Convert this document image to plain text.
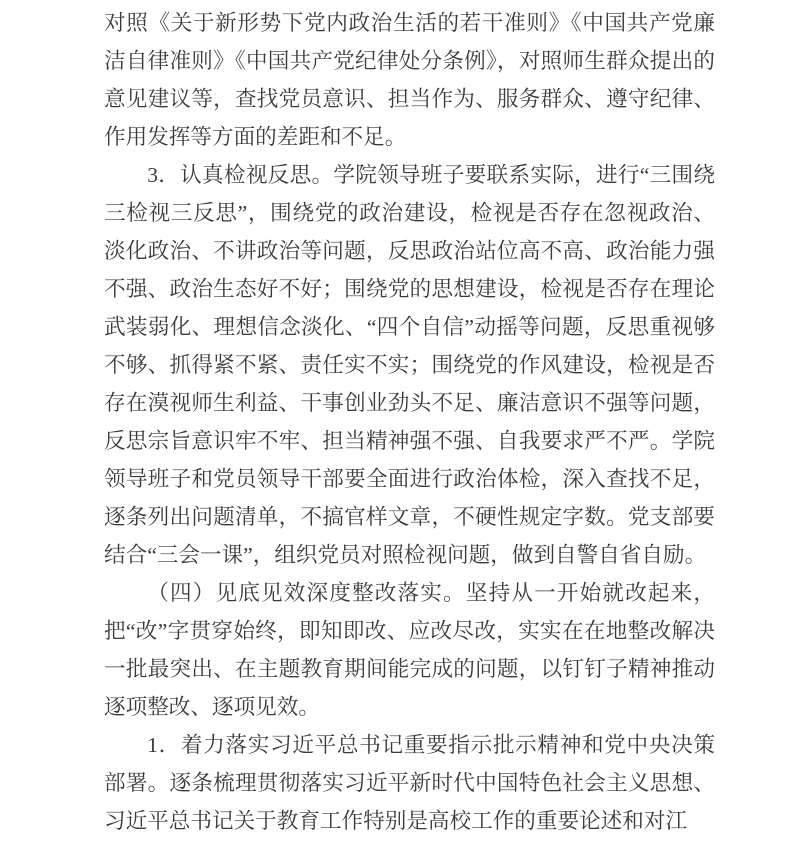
对照《关于新形势下党内政治生活的若干准则》《中国共产党廉洁自律准则》《中国共产党纪律处分条例》，对照师生群众提出的意见建议等，查找党员意识、担当作为、服务群众、遵守纪律、作用发挥等方面的差距和不足。

3．认真检视反思。学院领导班子要联系实际，进行“三围绕三检视三反思”，围绕党的政治建设，检视是否存在忽视政治、淡化政治、不讲政治等问题，反思政治站位高不高、政治能力强不强、政治生态好不好；围绕党的思想建设，检视是否存在理论武装弱化、理想信念淡化、“四个自信”动摇等问题，反思重视够不够、抓得紧不紧、责任实不实；围绕党的作风建设，检视是否存在漠视师生利益、干事创业劲头不足、廉洁意识不强等问题，反思宗旨意识牢不牢、担当精神强不强、自我要求严不严。学院领导班子和党员领导干部要全面进行政治体检，深入查找不足，逐条列出问题清单，不搞官样文章，不硬性规定字数。党支部要结合“三会一课”，组织党员对照检视问题，做到自警自省自励。

（四）见底见效深度整改落实。坚持从一开始就改起来，把“改”字贯穿始终，即知即改、应改尽改，实实在在地整改解决一批最突出、在主题教育期间能完成的问题，以钉钉子精神推动逐项整改、逐项见效。

1．着力落实习近平总书记重要指示批示精神和党中央决策部署。逐条梳理贯彻落实习近平新时代中国特色社会主义思想、习近平总书记关于教育工作特别是高校工作的重要论述和对江
